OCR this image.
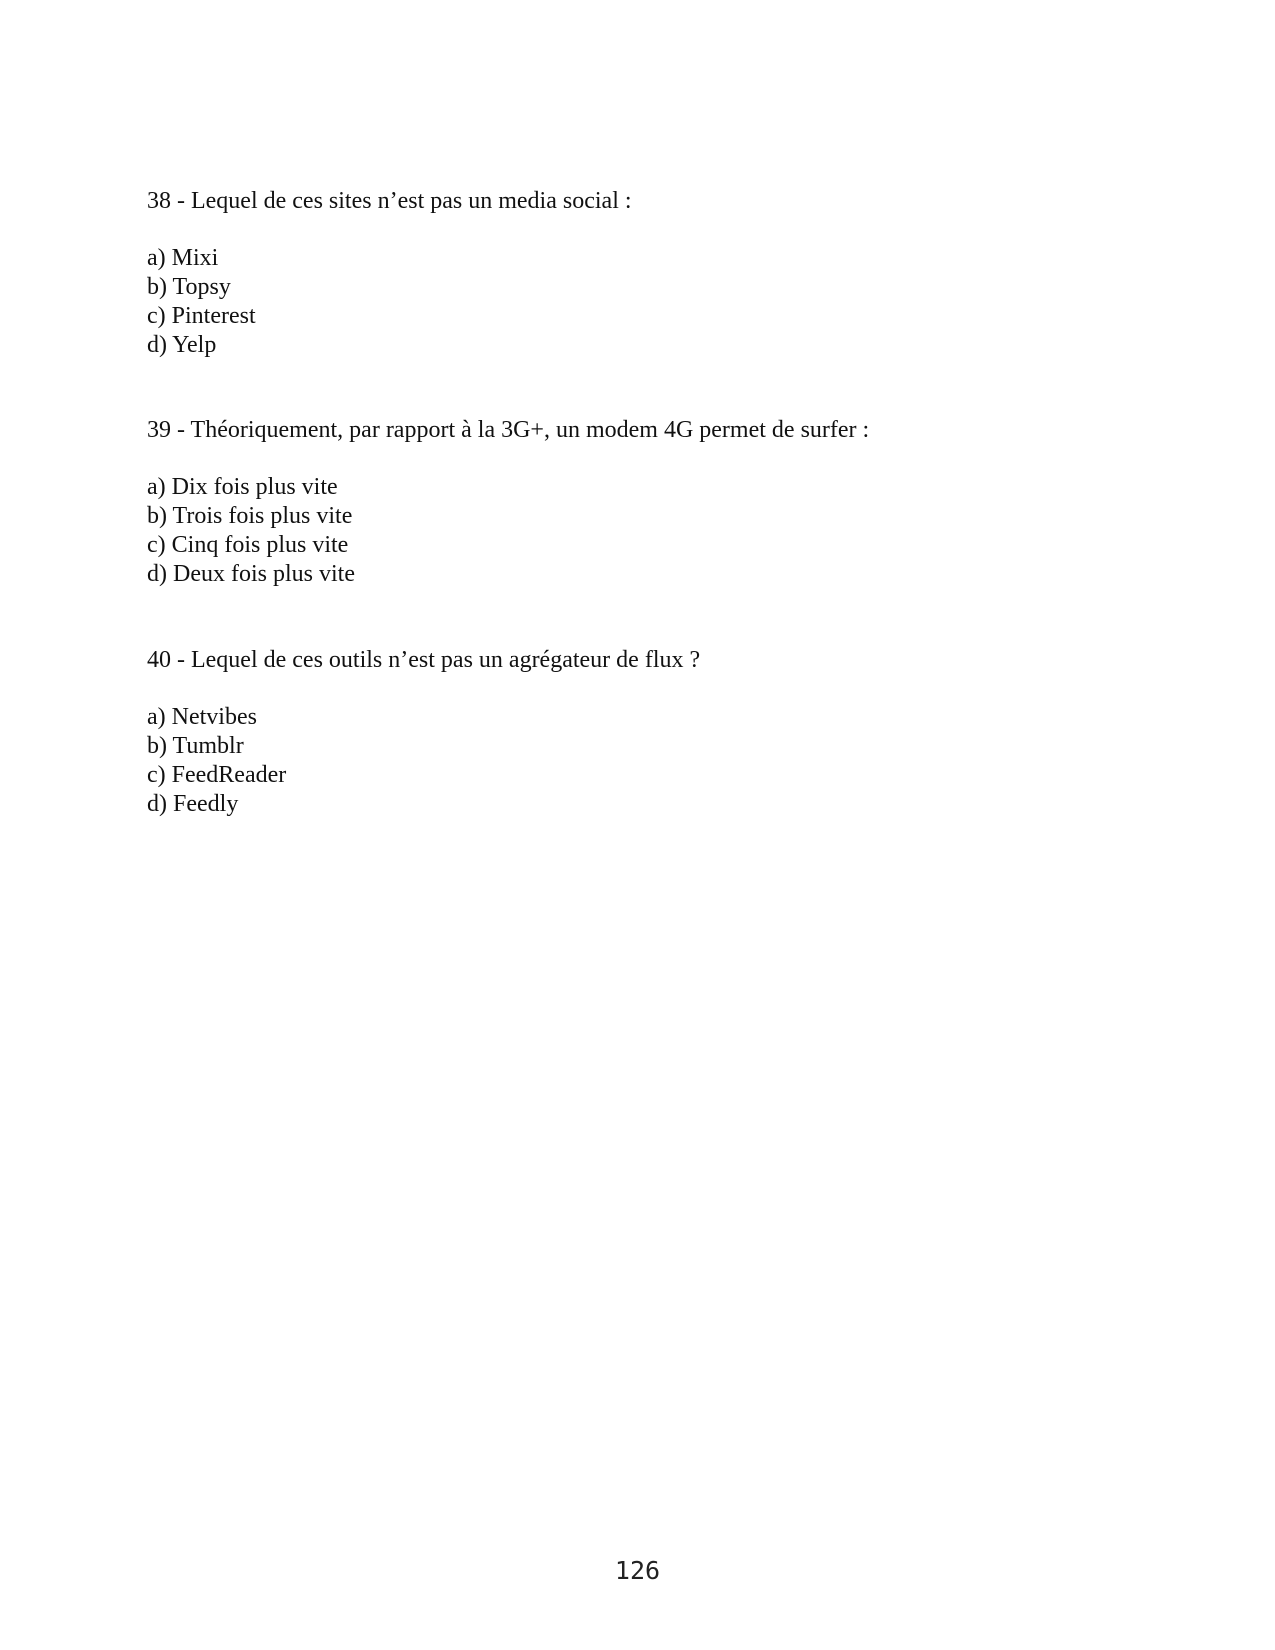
38 - Lequel de ces sites n’est pas un media social :

a) Mixi
b) Topsy
c) Pinterest
d) Yelp

39 - Théoriquement, par rapport à la 3G+, un modem 4G permet de surfer :

a) Dix fois plus vite
b) Trois fois plus vite
c) Cinq fois plus vite
d) Deux fois plus vite

40 - Lequel de ces outils n’est pas un agrégateur de flux ?

a) Netvibes
b) Tumblr
c) FeedReader
d) Feedly
126
